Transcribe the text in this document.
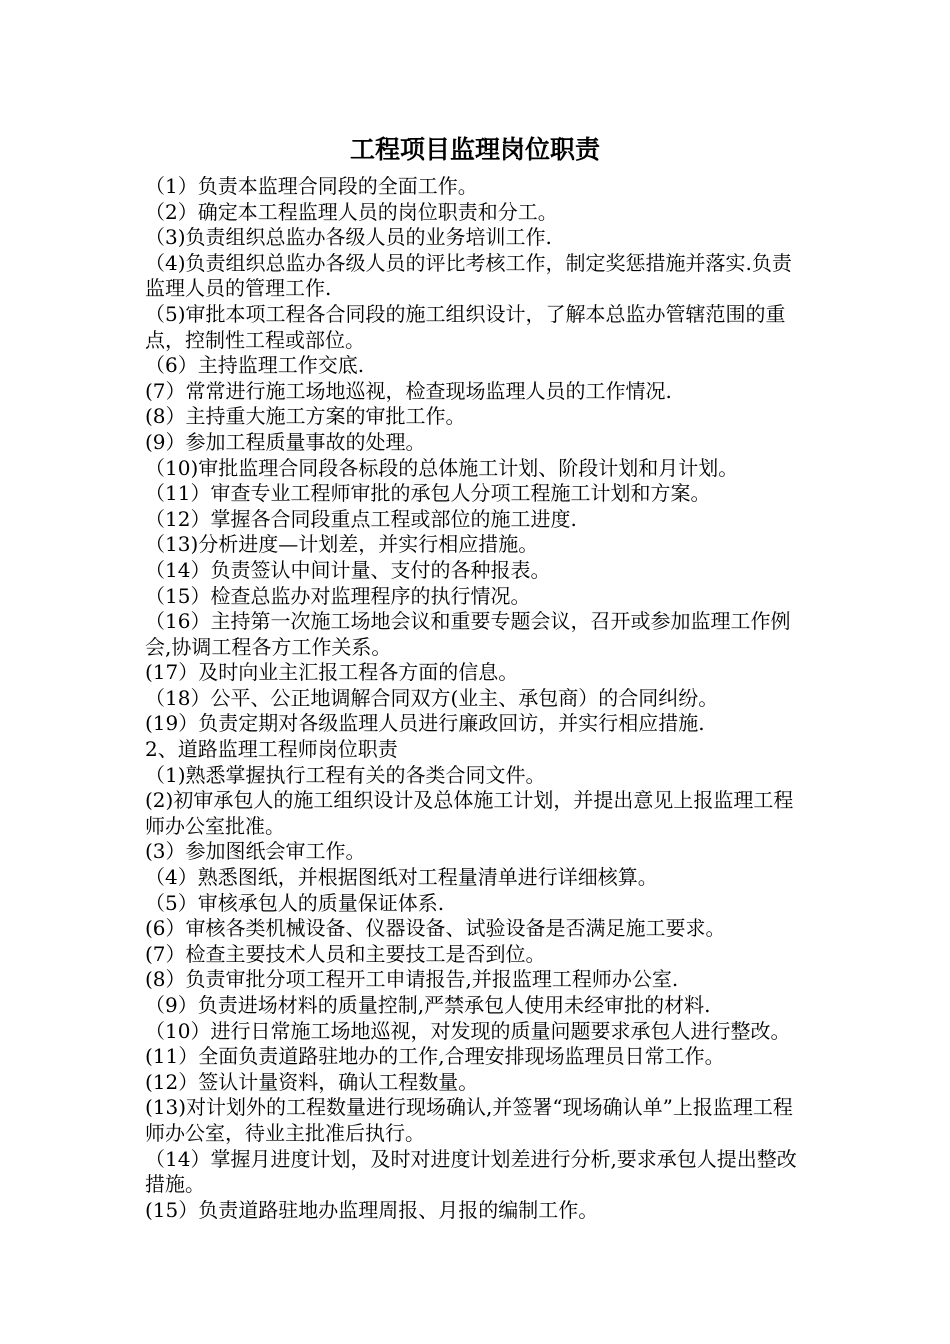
工程项目监理岗位职责

（1）负责本监理合同段的全面工作。

（2）确定本工程监理人员的岗位职责和分工。

（3)负责组织总监办各级人员的业务培训工作.

（4)负责组织总监办各级人员的评比考核工作，制定奖惩措施并落实.负责监理人员的管理工作.

（5)审批本项工程各合同段的施工组织设计，了解本总监办管辖范围的重点，控制性工程或部位。

（6）主持监理工作交底.

(7）常常进行施工场地巡视，检查现场监理人员的工作情况.

(8）主持重大施工方案的审批工作。

(9）参加工程质量事故的处理。

（10)审批监理合同段各标段的总体施工计划、阶段计划和月计划。

（11）审查专业工程师审批的承包人分项工程施工计划和方案。

（12）掌握各合同段重点工程或部位的施工进度.

（13)分析进度—计划差，并实行相应措施。

（14）负责签认中间计量、支付的各种报表。

（15）检查总监办对监理程序的执行情况。

（16）主持第一次施工场地会议和重要专题会议，召开或参加监理工作例会,协调工程各方工作关系。

(17）及时向业主汇报工程各方面的信息。

（18）公平、公正地调解合同双方(业主、承包商）的合同纠纷。

(19）负责定期对各级监理人员进行廉政回访，并实行相应措施.

2、道路监理工程师岗位职责

（1)熟悉掌握执行工程有关的各类合同文件。

(2)初审承包人的施工组织设计及总体施工计划，并提出意见上报监理工程师办公室批准。

(3）参加图纸会审工作。

（4）熟悉图纸，并根据图纸对工程量清单进行详细核算。

（5）审核承包人的质量保证体系.

(6）审核各类机械设备、仪器设备、试验设备是否满足施工要求。

(7）检查主要技术人员和主要技工是否到位。

(8）负责审批分项工程开工申请报告,并报监理工程师办公室.

（9）负责进场材料的质量控制,严禁承包人使用未经审批的材料.

（10）进行日常施工场地巡视，对发现的质量问题要求承包人进行整改。

(11）全面负责道路驻地办的工作,合理安排现场监理员日常工作。

(12）签认计量资料，确认工程数量。

(13)对计划外的工程数量进行现场确认,并签署“现场确认单”上报监理工程师办公室，待业主批准后执行。

（14）掌握月进度计划，及时对进度计划差进行分析,要求承包人提出整改措施。

(15）负责道路驻地办监理周报、月报的编制工作。
